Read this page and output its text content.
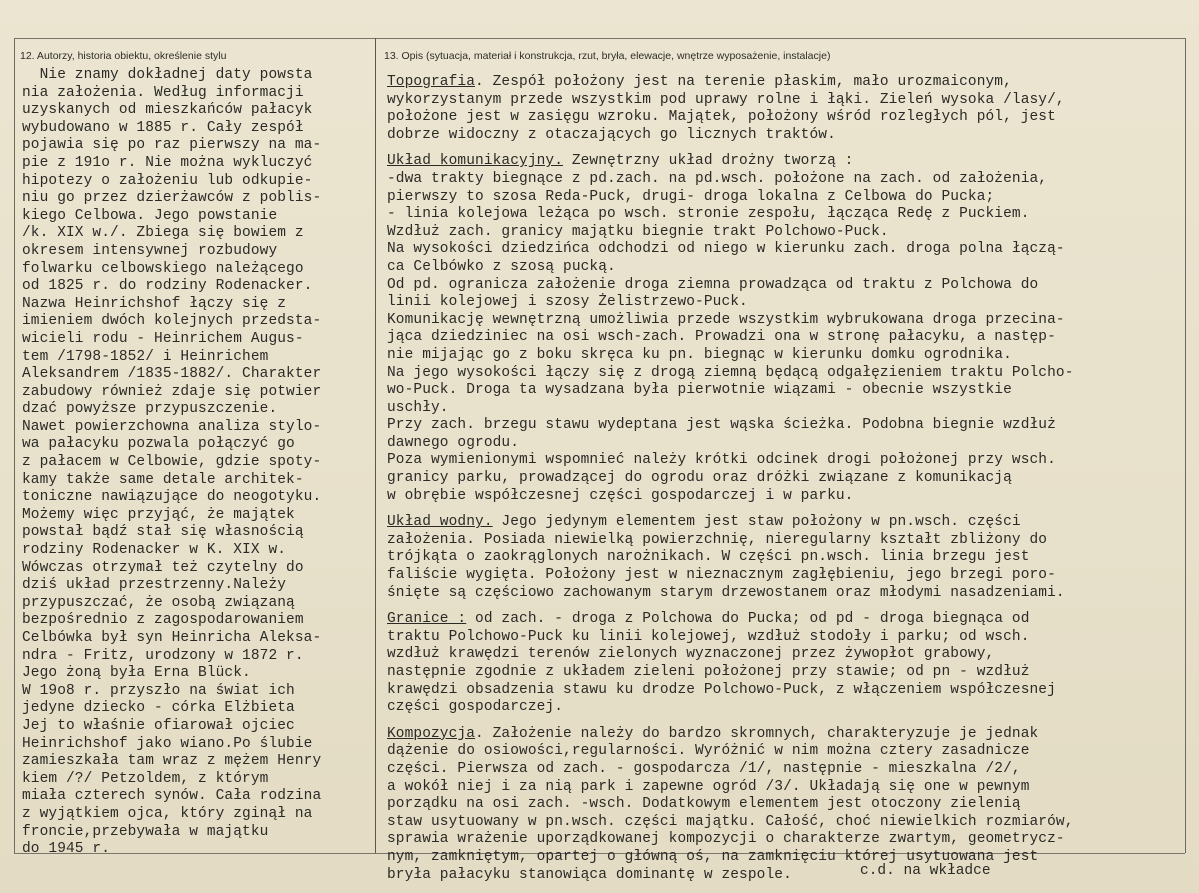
12. Autorzy, historia obiektu, określenie stylu	13. Opis (sytuacja, materiał i konstrukcja, rzut, bryła, elewacje, wnętrze wyposażenie, instalacje)
Nie znamy dokładnej daty powsta
nia założenia. Według informacji
uzyskanych od mieszkańców pałacyk
wybudowano w 1885 r. Cały zespół
pojawia się po raz pierwszy na ma-
pie z 191o r. Nie można wykluczyć
hipotezy o założeniu lub odkupie-
niu go przez dzierżawców z poblis-
kiego Celbowa. Jego powstanie
/k. XIX w./. Zbiega się bowiem z
okresem intensywnej rozbudowy
folwarku celbowskiego należącego
od 1825 r. do rodziny Rodenacker.
Nazwa Heinrichshof łączy się z
imieniem dwóch kolejnych przedsta-
wicieli rodu - Heinrichem Augus-
tem /1798-1852/ i Heinrichem
Aleksandrem /1835-1882/. Charakter
zabudowy również zdaje się potwier
dzać powyższe przypuszczenie.
Nawet powierzchowna analiza stylo-
wa pałacyku pozwala połączyć go
z pałacem w Celbowie, gdzie spoty-
kamy także same detale architek-
toniczne nawiązujące do neogotyku.
Możemy więc przyjąć, że majątek
powstał bądź stał się własnością
rodziny Rodenacker w K. XIX w.
Wówczas otrzymał też czytelny do
dziś układ przestrzenny.Należy
przypuszczać, że osobą związaną
bezpośrednio z zagospodarowaniem
Celbówka był syn Heinricha Aleksa-
ndra - Fritz, urodzony w 1872 r.
Jego żoną była Erna Blück.
W 19o8 r. przyszło na świat ich
jedyne dziecko - córka Elżbieta
Jej to właśnie ofiarował ojciec
Heinrichshof jako wiano.Po ślubie
zamieszkała tam wraz z mężem Henry
kiem /?/ Petzoldem, z którym
miała czterech synów. Cała rodzina
z wyjątkiem ojca, który zginął na
froncie,przebywała w majątku
do 1945 r.
Topografia. Zespół położony jest na terenie płaskim, mało urozmaiconym,
wykorzystanym przede wszystkim pod uprawy rolne i łąki. Zieleń wysoka /lasy/,
położone jest w zasięgu wzroku. Majątek, położony wśród rozległych pól, jest
dobrze widoczny z otaczających go licznych traktów.
Układ komunikacyjny. Zewnętrzny układ drożny tworzą :
-dwa trakty biegnące z pd.zach. na pd.wsch. położone na zach. od założenia,
pierwszy to szosa Reda-Puck, drugi- droga lokalna z Celbowa do Pucka;
- linia kolejowa leżąca po wsch. stronie zespołu, łącząca Redę z Puckiem.
Wzdłuż zach. granicy majątku biegnie trakt Polchowo-Puck.
Na wysokości dziedzińca odchodzi od niego w kierunku zach. droga polna łączą-
ca Celbówko z szosą pucką.
Od pd. ogranicza założenie droga ziemna prowadząca od traktu z Polchowa do
linii kolejowej i szosy Żelistrzewo-Puck.
Komunikację wewnętrzną umożliwia przede wszystkim wybrukowana droga przecina-
jąca dziedziniec na osi wsch-zach. Prowadzi ona w stronę pałacyku, a następ-
nie mijając go z boku skręca ku pn. biegnąc w kierunku domku ogrodnika.
Na jego wysokości łączy się z drogą ziemną będącą odgałęzieniem traktu Polcho-
wo-Puck. Droga ta wysadzana była pierwotnie wiązami - obecnie wszystkie
uschły.
Przy zach. brzegu stawu wydeptana jest wąska ścieżka. Podobna biegnie wzdłuż
dawnego ogrodu.
Poza wymienionymi wspomnieć należy krótki odcinek drogi położonej przy wsch.
granicy parku, prowadzącej do ogrodu oraz dróżki związane z komunikacją
w obrębie współczesnej części gospodarczej i w parku.
Układ wodny. Jego jedynym elementem jest staw położony w pn.wsch. części
założenia. Posiada niewielką powierzchnię, nieregularny kształt zbliżony do
trójkąta o zaokrąglonych narożnikach. W części pn.wsch. linia brzegu jest
faliście wygięta. Położony jest w nieznacznym zagłębieniu, jego brzegi poro-
śnięte są częściowo zachowanym starym drzewostanem oraz młodymi nasadzeniami.
Granice : od zach. - droga z Polchowa do Pucka; od pd - droga biegnąca od
traktu Polchowo-Puck ku linii kolejowej, wzdłuż stodoły i parku; od wsch.
wzdłuż krawędzi terenów zielonych wyznaczonej przez żywopłot grabowy,
następnie zgodnie z układem zieleni położonej przy stawie; od pn - wzdłuż
krawędzi obsadzenia stawu ku drodze Polchowo-Puck, z włączeniem współczesnej
części gospodarczej.
Kompozycja. Założenie należy do bardzo skromnych, charakteryzuje je jednak
dążenie do osiowości,regularności. Wyróżnić w nim można cztery zasadnicze
części. Pierwsza od zach. - gospodarcza /1/, następnie - mieszkalna /2/,
a wokół niej i za nią park i zapewne ogród /3/. Układają się one w pewnym
porządku na osi zach. -wsch. Dodatkowym elementem jest otoczony zielenią
staw usytuowany w pn.wsch. części majątku. Całość, choć niewielkich rozmiarów,
sprawia wrażenie uporządkowanej kompozycji o charakterze zwartym, geometrycz-
nym, zamkniętym, opartej o główną oś, na zamknięciu której usytuowana jest
bryła pałacyku stanowiąca dominantę w zespole.	c.d. na wkładce
